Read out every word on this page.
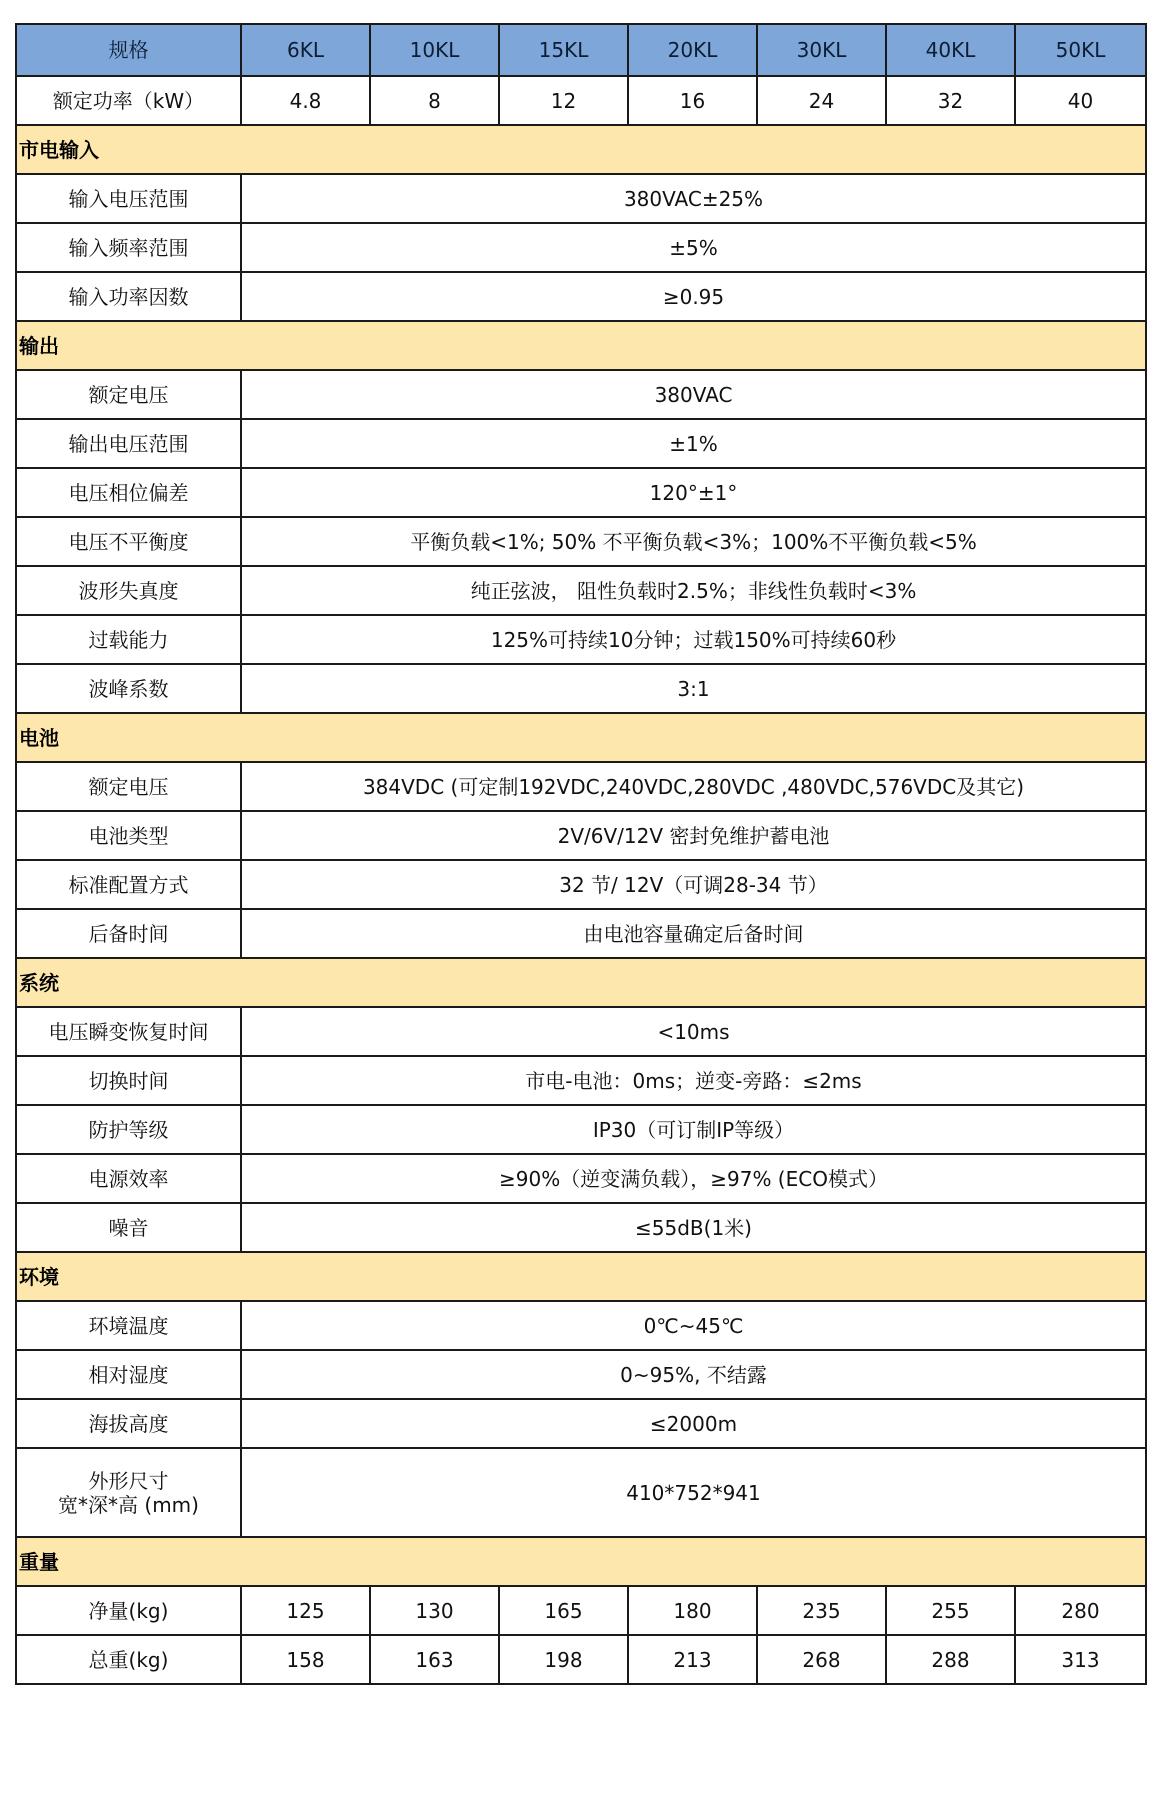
规格	6KL	10KL	15KL	20KL	30KL	40KL	50KL
额定功率（kW）	4.8	8	12	16	24	32	40
市电输入							
输入电压范围	380VAC±25%						
输入频率范围	±5%						
输入功率因数	≥0.95						
输出							
额定电压	380VAC						
输出电压范围	±1%						
电压相位偏差	120°±1°						
电压不平衡度	平衡负载<1%; 50% 不平衡负载<3%；100%不平衡负载<5%						
波形失真度	纯正弦波， 阻性负载时2.5%；非线性负载时<3%						
过载能力	125%可持续10分钟；过载150%可持续60秒						
波峰系数	3:1						
电池							
额定电压	384VDC (可定制192VDC,240VDC,280VDC ,480VDC,576VDC及其它)						
电池类型	2V/6V/12V 密封免维护蓄电池						
标准配置方式	32 节/ 12V（可调28-34 节）						
后备时间	由电池容量确定后备时间						
系统							
电压瞬变恢复时间	<10ms						
切换时间	市电-电池：0ms；逆变-旁路：≤2ms						
防护等级	IP30（可订制IP等级）						
电源效率	≥90%（逆变满负载），≥97% (ECO模式）						
噪音	≤55dB(1米)						
环境							
环境温度	0℃~45℃						
相对湿度	0~95%, 不结露						
海拔高度	≤2000m						

外形尺寸
宽*深*高 (mm)	410*752*941						
重量							
净量(kg)	125	130	165	180	235	255	280
总重(kg)	158	163	198	213	268	288	313
